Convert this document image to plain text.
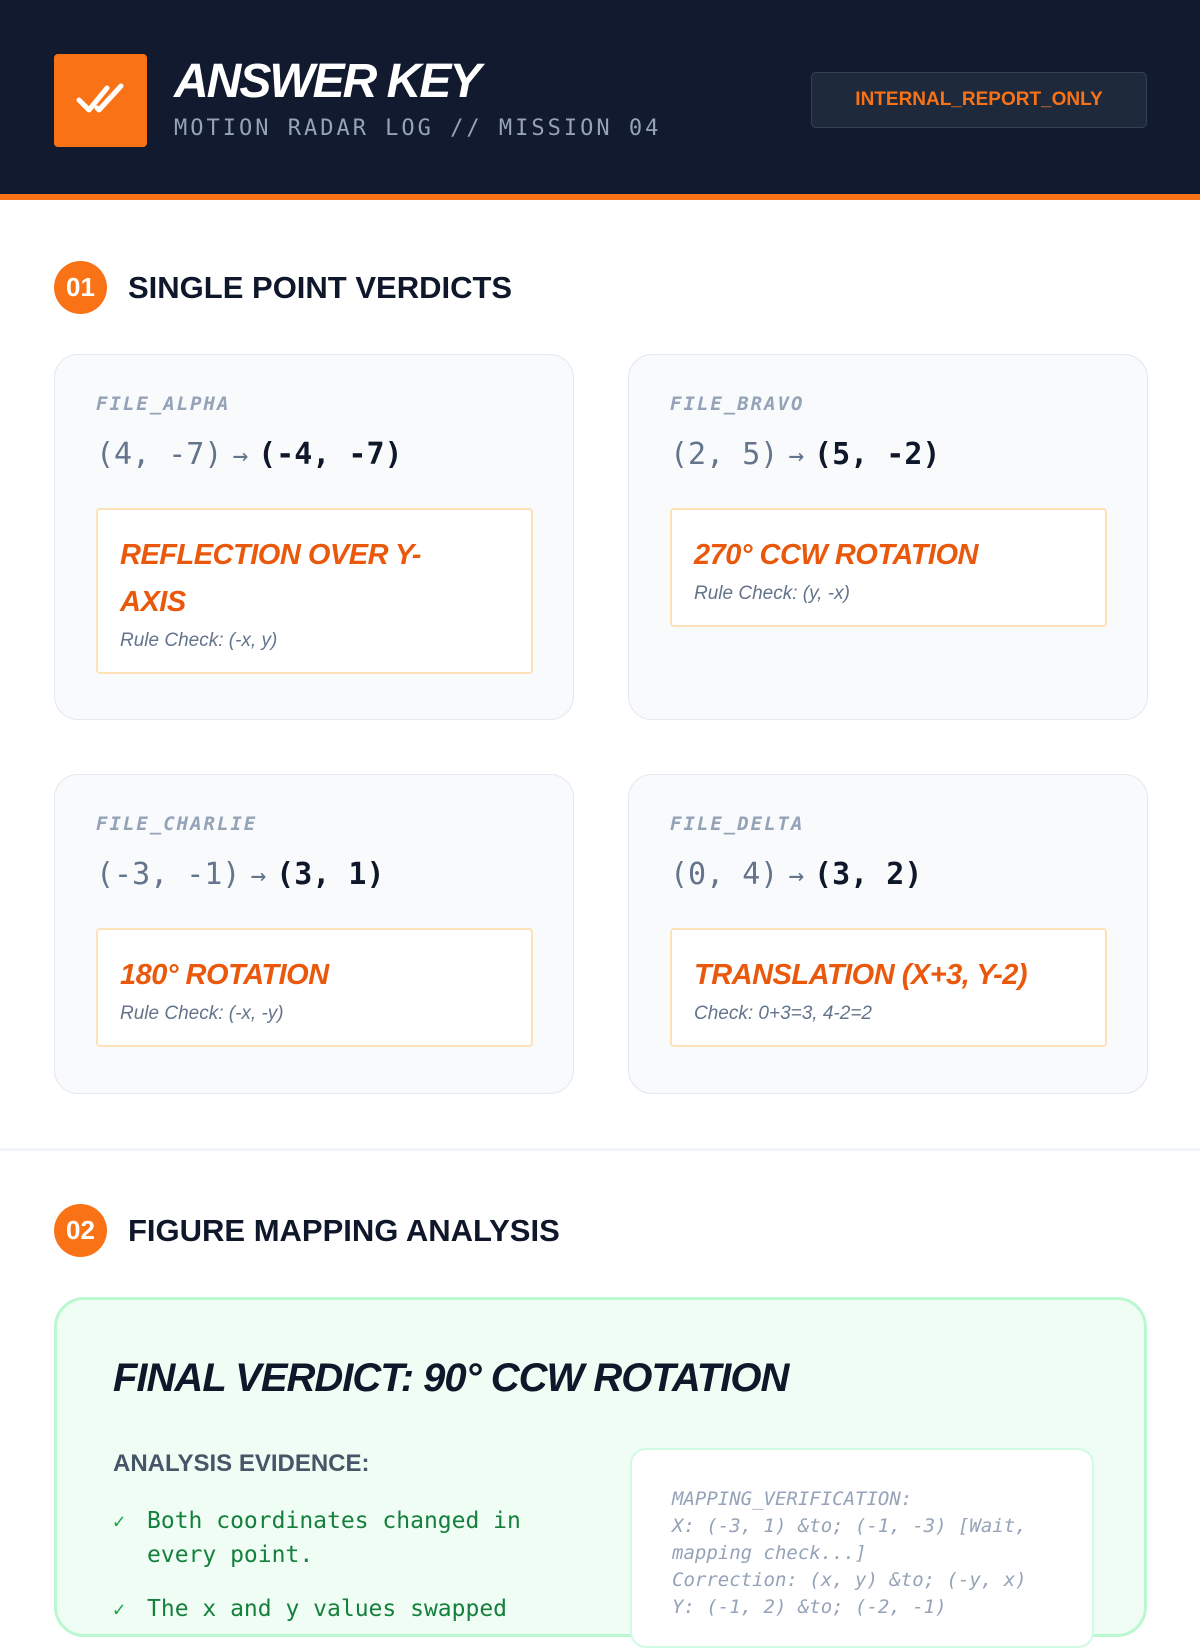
ANSWER KEY
MOTION RADAR LOG // MISSION 04
INTERNAL_REPORT_ONLY
01	SINGLE POINT VERDICTS
FILE_ALPHA
(4, -7) → (-4, -7)
REFLECTION OVER Y-AXIS
Rule Check: (-x, y)
FILE_BRAVO
(2, 5) → (5, -2)
270° CCW ROTATION
Rule Check: (y, -x)
FILE_CHARLIE
(-3, -1) → (3, 1)
180° ROTATION
Rule Check: (-x, -y)
FILE_DELTA
(0, 4) → (3, 2)
TRANSLATION (X+3, Y-2)
Check: 0+3=3, 4-2=2
02	FIGURE MAPPING ANALYSIS
FINAL VERDICT: 90° CCW ROTATION
ANALYSIS EVIDENCE:
✓ Both coordinates changed in every point.
✓ The x and y values swapped
MAPPING_VERIFICATION:
X: (-3, 1) &to; (-1, -3) [Wait, mapping check...]
Correction: (x, y) &to; (-y, x)
Y: (-1, 2) &to; (-2, -1)
